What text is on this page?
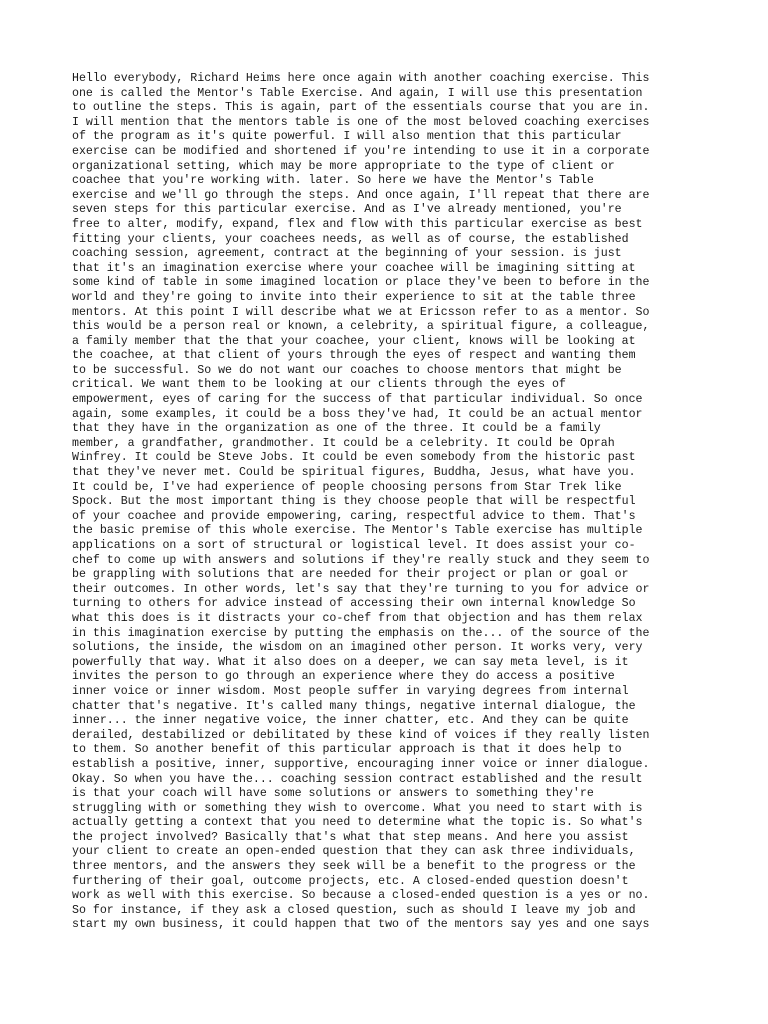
Hello everybody, Richard Heims here once again with another coaching exercise. This
one is called the Mentor's Table Exercise. And again, I will use this presentation
to outline the steps. This is again, part of the essentials course that you are in.
I will mention that the mentors table is one of the most beloved coaching exercises
of the program as it's quite powerful. I will also mention that this particular
exercise can be modified and shortened if you're intending to use it in a corporate
organizational setting, which may be more appropriate to the type of client or
coachee that you're working with. later. So here we have the Mentor's Table
exercise and we'll go through the steps. And once again, I'll repeat that there are
seven steps for this particular exercise. And as I've already mentioned, you're
free to alter, modify, expand, flex and flow with this particular exercise as best
fitting your clients, your coachees needs, as well as of course, the established
coaching session, agreement, contract at the beginning of your session. is just
that it's an imagination exercise where your coachee will be imagining sitting at
some kind of table in some imagined location or place they've been to before in the
world and they're going to invite into their experience to sit at the table three
mentors. At this point I will describe what we at Ericsson refer to as a mentor. So
this would be a person real or known, a celebrity, a spiritual figure, a colleague,
a family member that the that your coachee, your client, knows will be looking at
the coachee, at that client of yours through the eyes of respect and wanting them
to be successful. So we do not want our coaches to choose mentors that might be
critical. We want them to be looking at our clients through the eyes of
empowerment, eyes of caring for the success of that particular individual. So once
again, some examples, it could be a boss they've had, It could be an actual mentor
that they have in the organization as one of the three. It could be a family
member, a grandfather, grandmother. It could be a celebrity. It could be Oprah
Winfrey. It could be Steve Jobs. It could be even somebody from the historic past
that they've never met. Could be spiritual figures, Buddha, Jesus, what have you.
It could be, I've had experience of people choosing persons from Star Trek like
Spock. But the most important thing is they choose people that will be respectful
of your coachee and provide empowering, caring, respectful advice to them. That's
the basic premise of this whole exercise. The Mentor's Table exercise has multiple
applications on a sort of structural or logistical level. It does assist your co-
chef to come up with answers and solutions if they're really stuck and they seem to
be grappling with solutions that are needed for their project or plan or goal or
their outcomes. In other words, let's say that they're turning to you for advice or
turning to others for advice instead of accessing their own internal knowledge So
what this does is it distracts your co-chef from that objection and has them relax
in this imagination exercise by putting the emphasis on the... of the source of the
solutions, the inside, the wisdom on an imagined other person. It works very, very
powerfully that way. What it also does on a deeper, we can say meta level, is it
invites the person to go through an experience where they do access a positive
inner voice or inner wisdom. Most people suffer in varying degrees from internal
chatter that's negative. It's called many things, negative internal dialogue, the
inner... the inner negative voice, the inner chatter, etc. And they can be quite
derailed, destabilized or debilitated by these kind of voices if they really listen
to them. So another benefit of this particular approach is that it does help to
establish a positive, inner, supportive, encouraging inner voice or inner dialogue.
Okay. So when you have the... coaching session contract established and the result
is that your coach will have some solutions or answers to something they're
struggling with or something they wish to overcome. What you need to start with is
actually getting a context that you need to determine what the topic is. So what's
the project involved? Basically that's what that step means. And here you assist
your client to create an open-ended question that they can ask three individuals,
three mentors, and the answers they seek will be a benefit to the progress or the
furthering of their goal, outcome projects, etc. A closed-ended question doesn't
work as well with this exercise. So because a closed-ended question is a yes or no.
So for instance, if they ask a closed question, such as should I leave my job and
start my own business, it could happen that two of the mentors say yes and one says
